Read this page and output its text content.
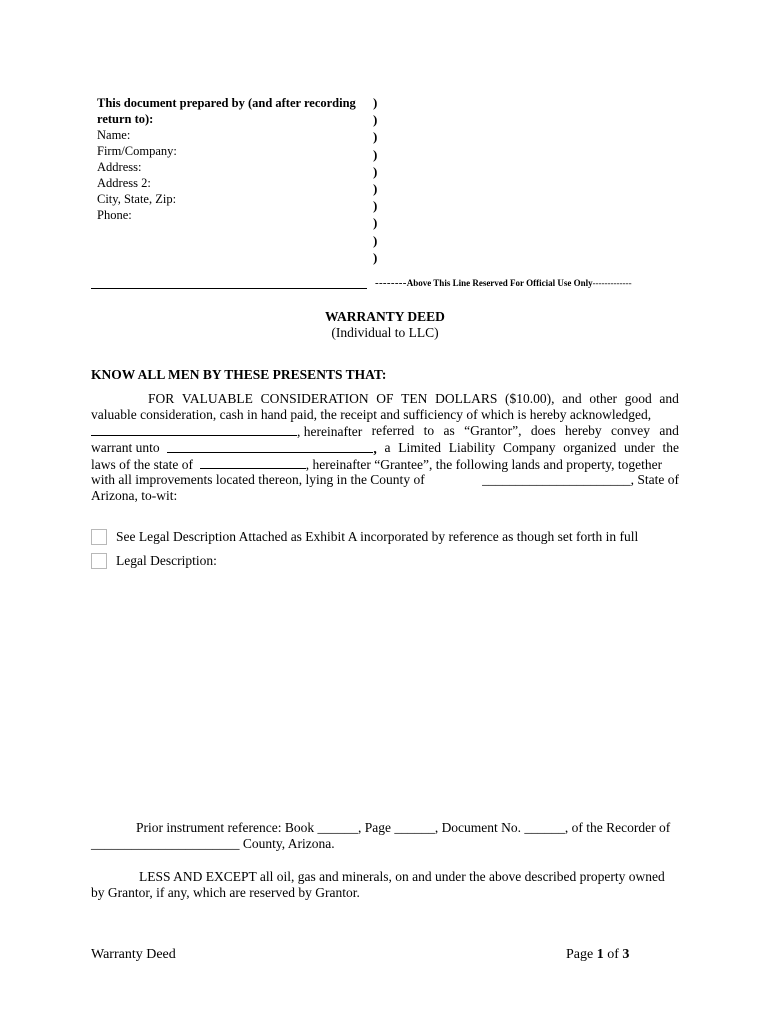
This document prepared by (and after recording
return to):
Name:
Firm/Company:
Address:
Address 2:
City, State, Zip:
Phone:
)
)
)
)
)
)
)
)
)
)
--------Above This Line Reserved For Official Use Only-------------
WARRANTY DEED
(Individual to LLC)
KNOW ALL MEN BY THESE PRESENTS THAT:
FOR VALUABLE CONSIDERATION OF TEN DOLLARS ($10.00), and other good and
valuable consideration, cash in hand paid, the receipt and sufficiency of which is hereby acknowledged,
, hereinafter referred to as “Grantor”, does hereby convey and
warrant unto	, a Limited Liability Company organized under the
laws of the state of	, hereinafter “Grantee”, the following lands and property, together
with all improvements located thereon, lying in the County of	______________________, State of
Arizona, to-wit:
See Legal Description Attached as Exhibit A incorporated by reference as though set forth in full
Legal Description:
Prior instrument reference: Book ______, Page ______, Document No. ______, of the Recorder of
______________________ County, Arizona.
LESS AND EXCEPT all oil, gas and minerals, on and under the above described property owned
by Grantor, if any, which are reserved by Grantor.
Warranty Deed	Page 1 of 3
